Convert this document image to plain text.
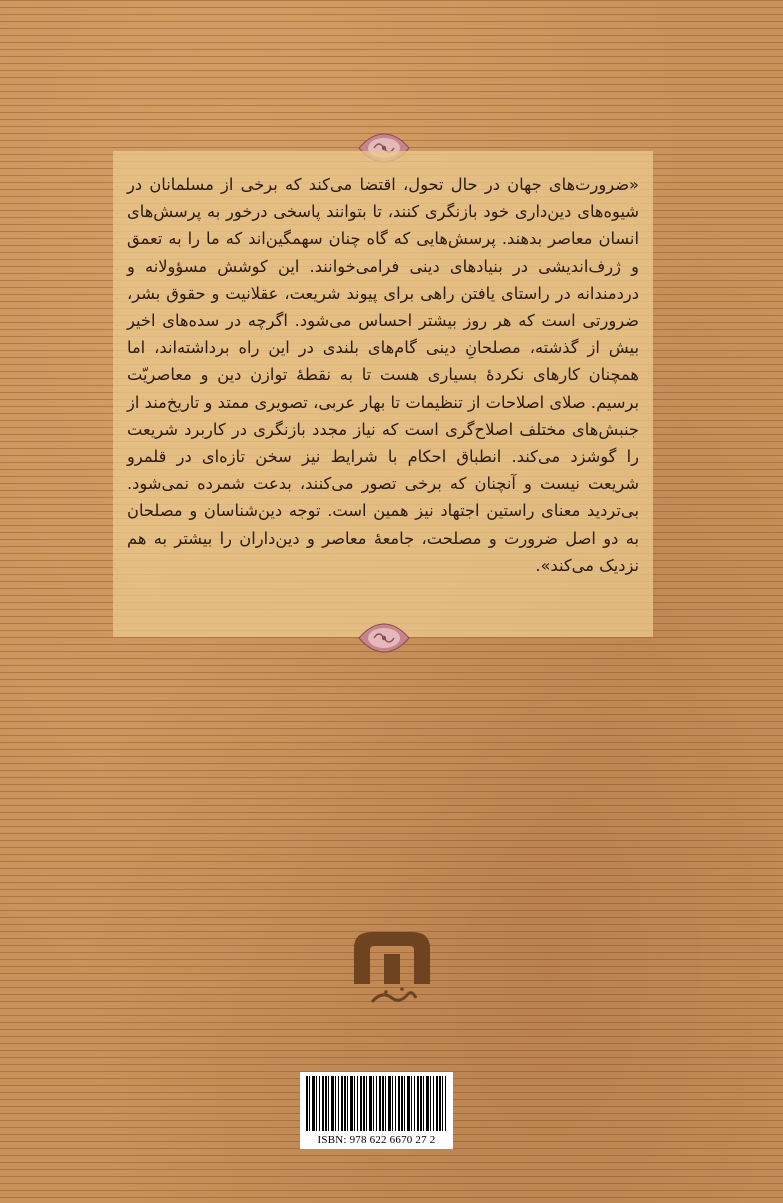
«ضرورت‌های جهان در حال تحول، اقتضا می‌کند که برخی از مسلمانان در شیوه‌های دین‌داری خود بازنگری کنند، تا بتوانند پاسخی درخور به پرسش‌های انسان معاصر بدهند. پرسش‌هایی که گاه چنان سهمگین‌اند که ما را به تعمق و ژرف‌اندیشی در بنیادهای دینی فرامی‌خوانند. این کوشش مسؤولانه و دردمندانه در راستای یافتن راهی برای پیوند شریعت، عقلانیت و حقوق بشر، ضرورتی است که هر روز بیشتر احساس می‌شود. اگرچه در سده‌های اخیر بیش از گذشته، مصلحانِ دینی گام‌های بلندی در این راه برداشته‌اند، اما همچنان کارهای نکردهٔ بسیاری هست تا به نقطهٔ توازن دین و معاصریّت برسیم. صلای اصلاحات از تنظیمات تا بهار عربی، تصویری ممتد و تاریخ‌مند از جنبش‌های مختلف اصلاح‌گری است که نیاز مجدد بازنگری در کاربرد شریعت را گوشزد می‌کند. انطباق احکام با شرایط نیز سخن تازه‌ای در قلمرو شریعت نیست و آنچنان که برخی تصور می‌کنند، بدعت شمرده نمی‌شود. بی‌تردید معنای راستین اجتهاد نیز همین است. توجه دین‌شناسان و مصلحان به دو اصل ضرورت و مصلحت، جامعهٔ معاصر و دین‌داران را بیشتر به هم نزدیک می‌کند».

ISBN: 978 622 6670 27 2
